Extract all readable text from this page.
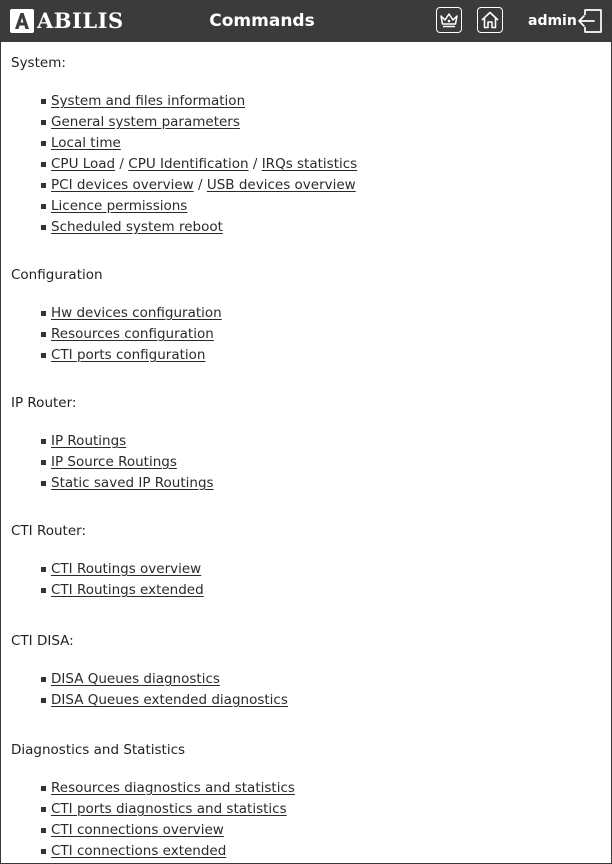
ABILIS	Commands	admin
System:
System and files information
General system parameters
Local time
CPU Load / CPU Identification / IRQs statistics
PCI devices overview / USB devices overview
Licence permissions
Scheduled system reboot
Configuration
Hw devices configuration
Resources configuration
CTI ports configuration
IP Router:
IP Routings
IP Source Routings
Static saved IP Routings
CTI Router:
CTI Routings overview
CTI Routings extended
CTI DISA:
DISA Queues diagnostics
DISA Queues extended diagnostics
Diagnostics and Statistics
Resources diagnostics and statistics
CTI ports diagnostics and statistics
CTI connections overview
CTI connections extended
